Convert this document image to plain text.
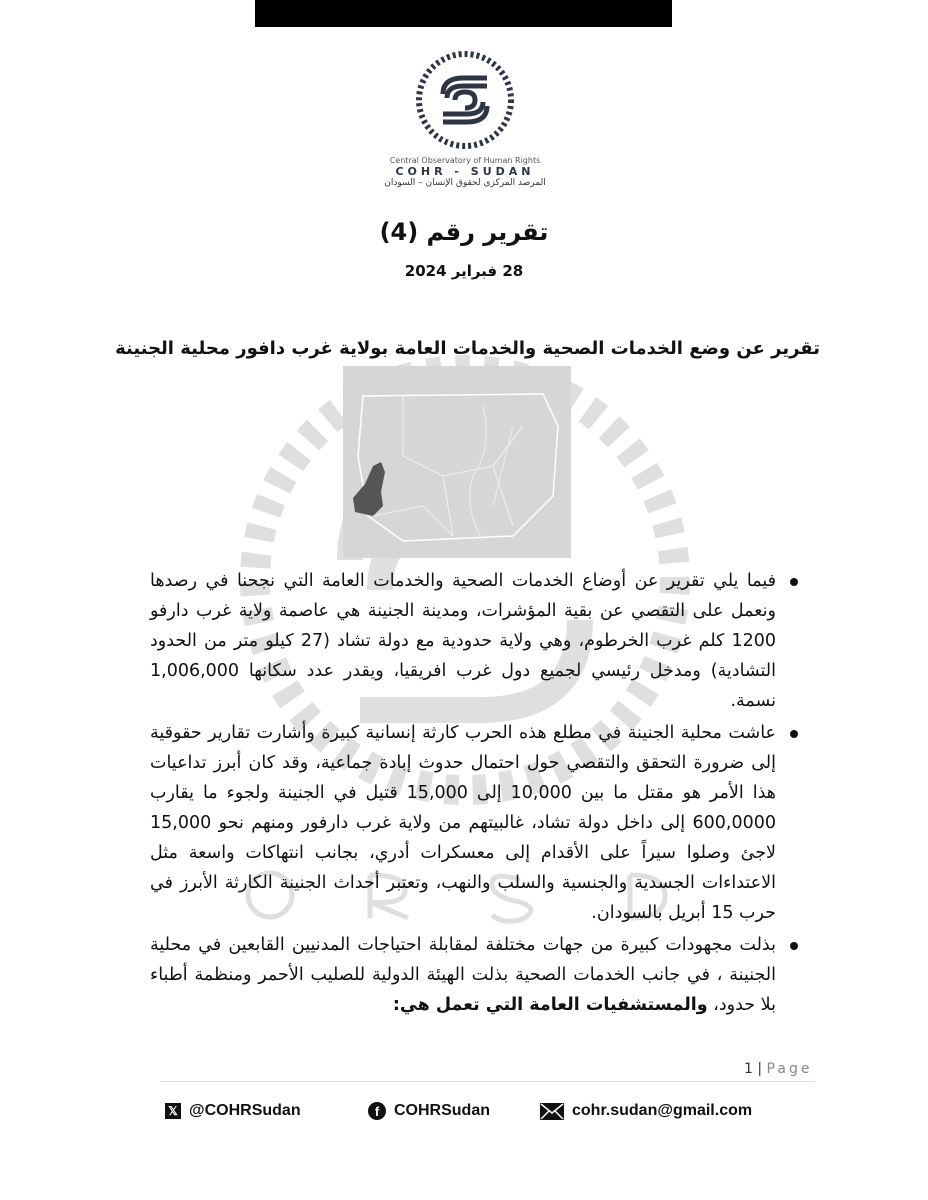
Central Observatory of Human Rights
COHR - SUDAN
المرصد المركزي لحقوق الإنسان – السودان
تقرير رقم (4)
28 فبراير 2024
تقرير عن وضع الخدمات الصحية والخدمات العامة بولاية غرب دافور محلية الجنينة

فيما يلي تقرير عن أوضاع الخدمات الصحية والخدمات العامة التي نجحنا في رصدها ونعمل على التقصي عن بقية المؤشرات، ومدينة الجنينة هي عاصمة ولاية غرب دارفو 1200 كلم غرب الخرطوم، وهي ولاية حدودية مع دولة تشاد (27 كيلو متر من الحدود التشادية) ومدخل رئيسي لجميع دول غرب افريقيا، ويقدر عدد سكانها 1,006,000 نسمة.

عاشت محلية الجنينة في مطلع هذه الحرب كارثة إنسانية كبيرة وأشارت تقارير حقوقية إلى ضرورة التحقق والتقصي حول احتمال حدوث إبادة جماعية، وقد كان أبرز تداعيات هذا الأمر هو مقتل ما بين 10,000 إلى 15,000 قتيل في الجنينة ولجوء ما يقارب 600,0000 إلى داخل دولة تشاد، غالبيتهم من ولاية غرب دارفور ومنهم نحو 15,000 لاجئ وصلوا سيراً على الأقدام إلى معسكرات أدري، بجانب انتهاكات واسعة مثل الاعتداءات الجسدية والجنسية والسلب والنهب، وتعتبر أحداث الجنينة الكارثة الأبرز في حرب 15 أبريل بالسودان.

بذلت مجهودات كبيرة من جهات مختلفة لمقابلة احتياجات المدنيين القابعين في محلية الجنينة ، في جانب الخدمات الصحية بذلت الهيئة الدولية للصليب الأحمر ومنظمة أطباء بلا حدود، والمستشفيات العامة التي تعمل هي:

1 | Page
𝕏 @COHRSudan	f COHRSudan	cohr.sudan@gmail.com
